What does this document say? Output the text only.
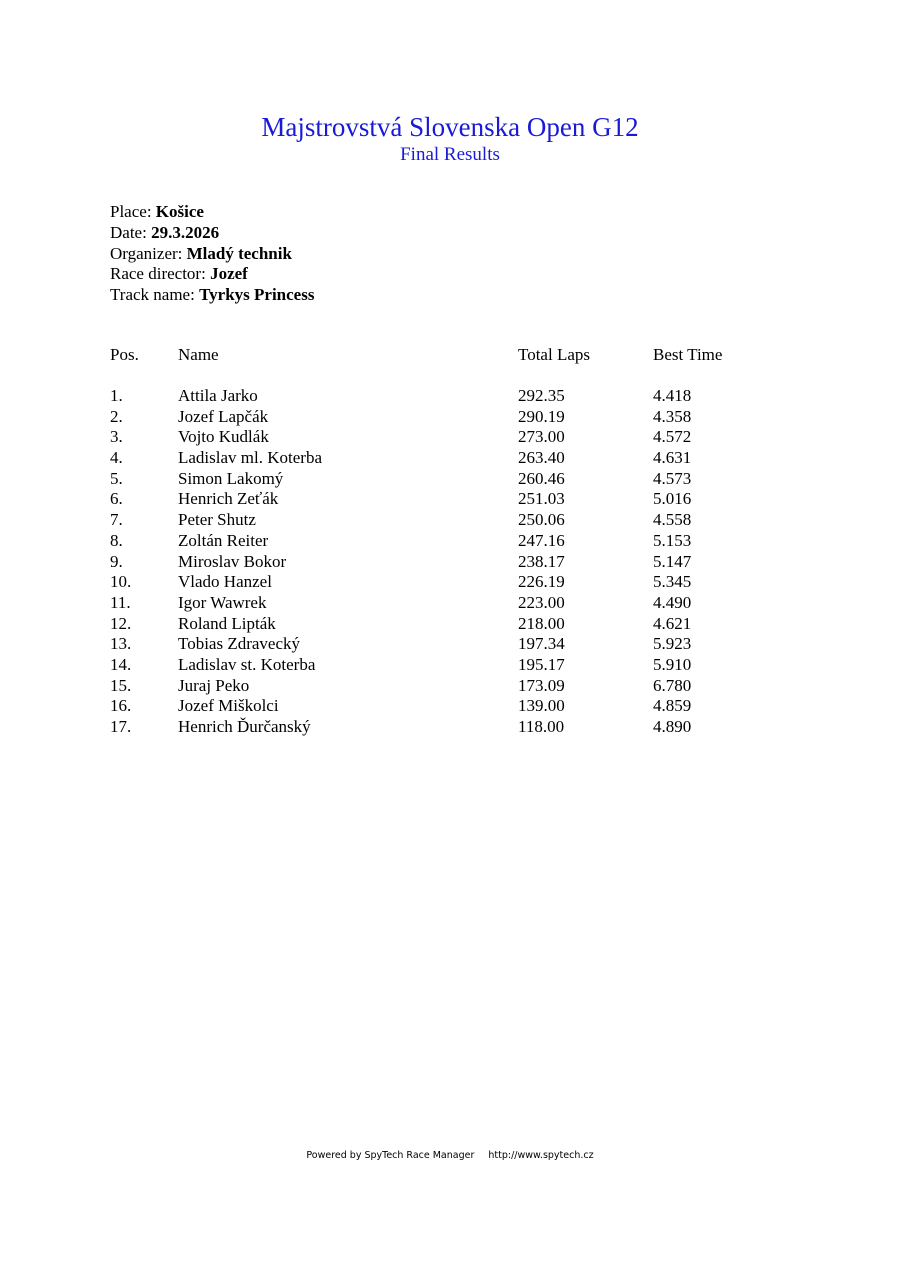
Majstrovstvá Slovenska Open G12
Final Results
Place: Košice
Date: 29.3.2026
Organizer: Mladý technik
Race director: Jozef
Track name: Tyrkys Princess
Pos. Name	Total Laps	Best Time
1.	Attila Jarko	292.35	4.418
2.	Jozef Lapčák	290.19	4.358
3.	Vojto Kudlák	273.00	4.572
4.	Ladislav ml. Koterba	263.40	4.631
5.	Simon Lakomý	260.46	4.573
6.	Henrich Zeťák	251.03	5.016
7.	Peter Shutz	250.06	4.558
8.	Zoltán Reiter	247.16	5.153
9.	Miroslav Bokor	238.17	5.147
10.	Vlado Hanzel	226.19	5.345
11.	Igor Wawrek	223.00	4.490
12.	Roland Lipták	218.00	4.621
13.	Tobias Zdravecký	197.34	5.923
14.	Ladislav st. Koterba	195.17	5.910
15.	Juraj Peko	173.09	6.780
16.	Jozef Miškolci	139.00	4.859
17.	Henrich Ďurčanský	118.00	4.890
Powered by SpyTech Race Manager http://www.spytech.cz
